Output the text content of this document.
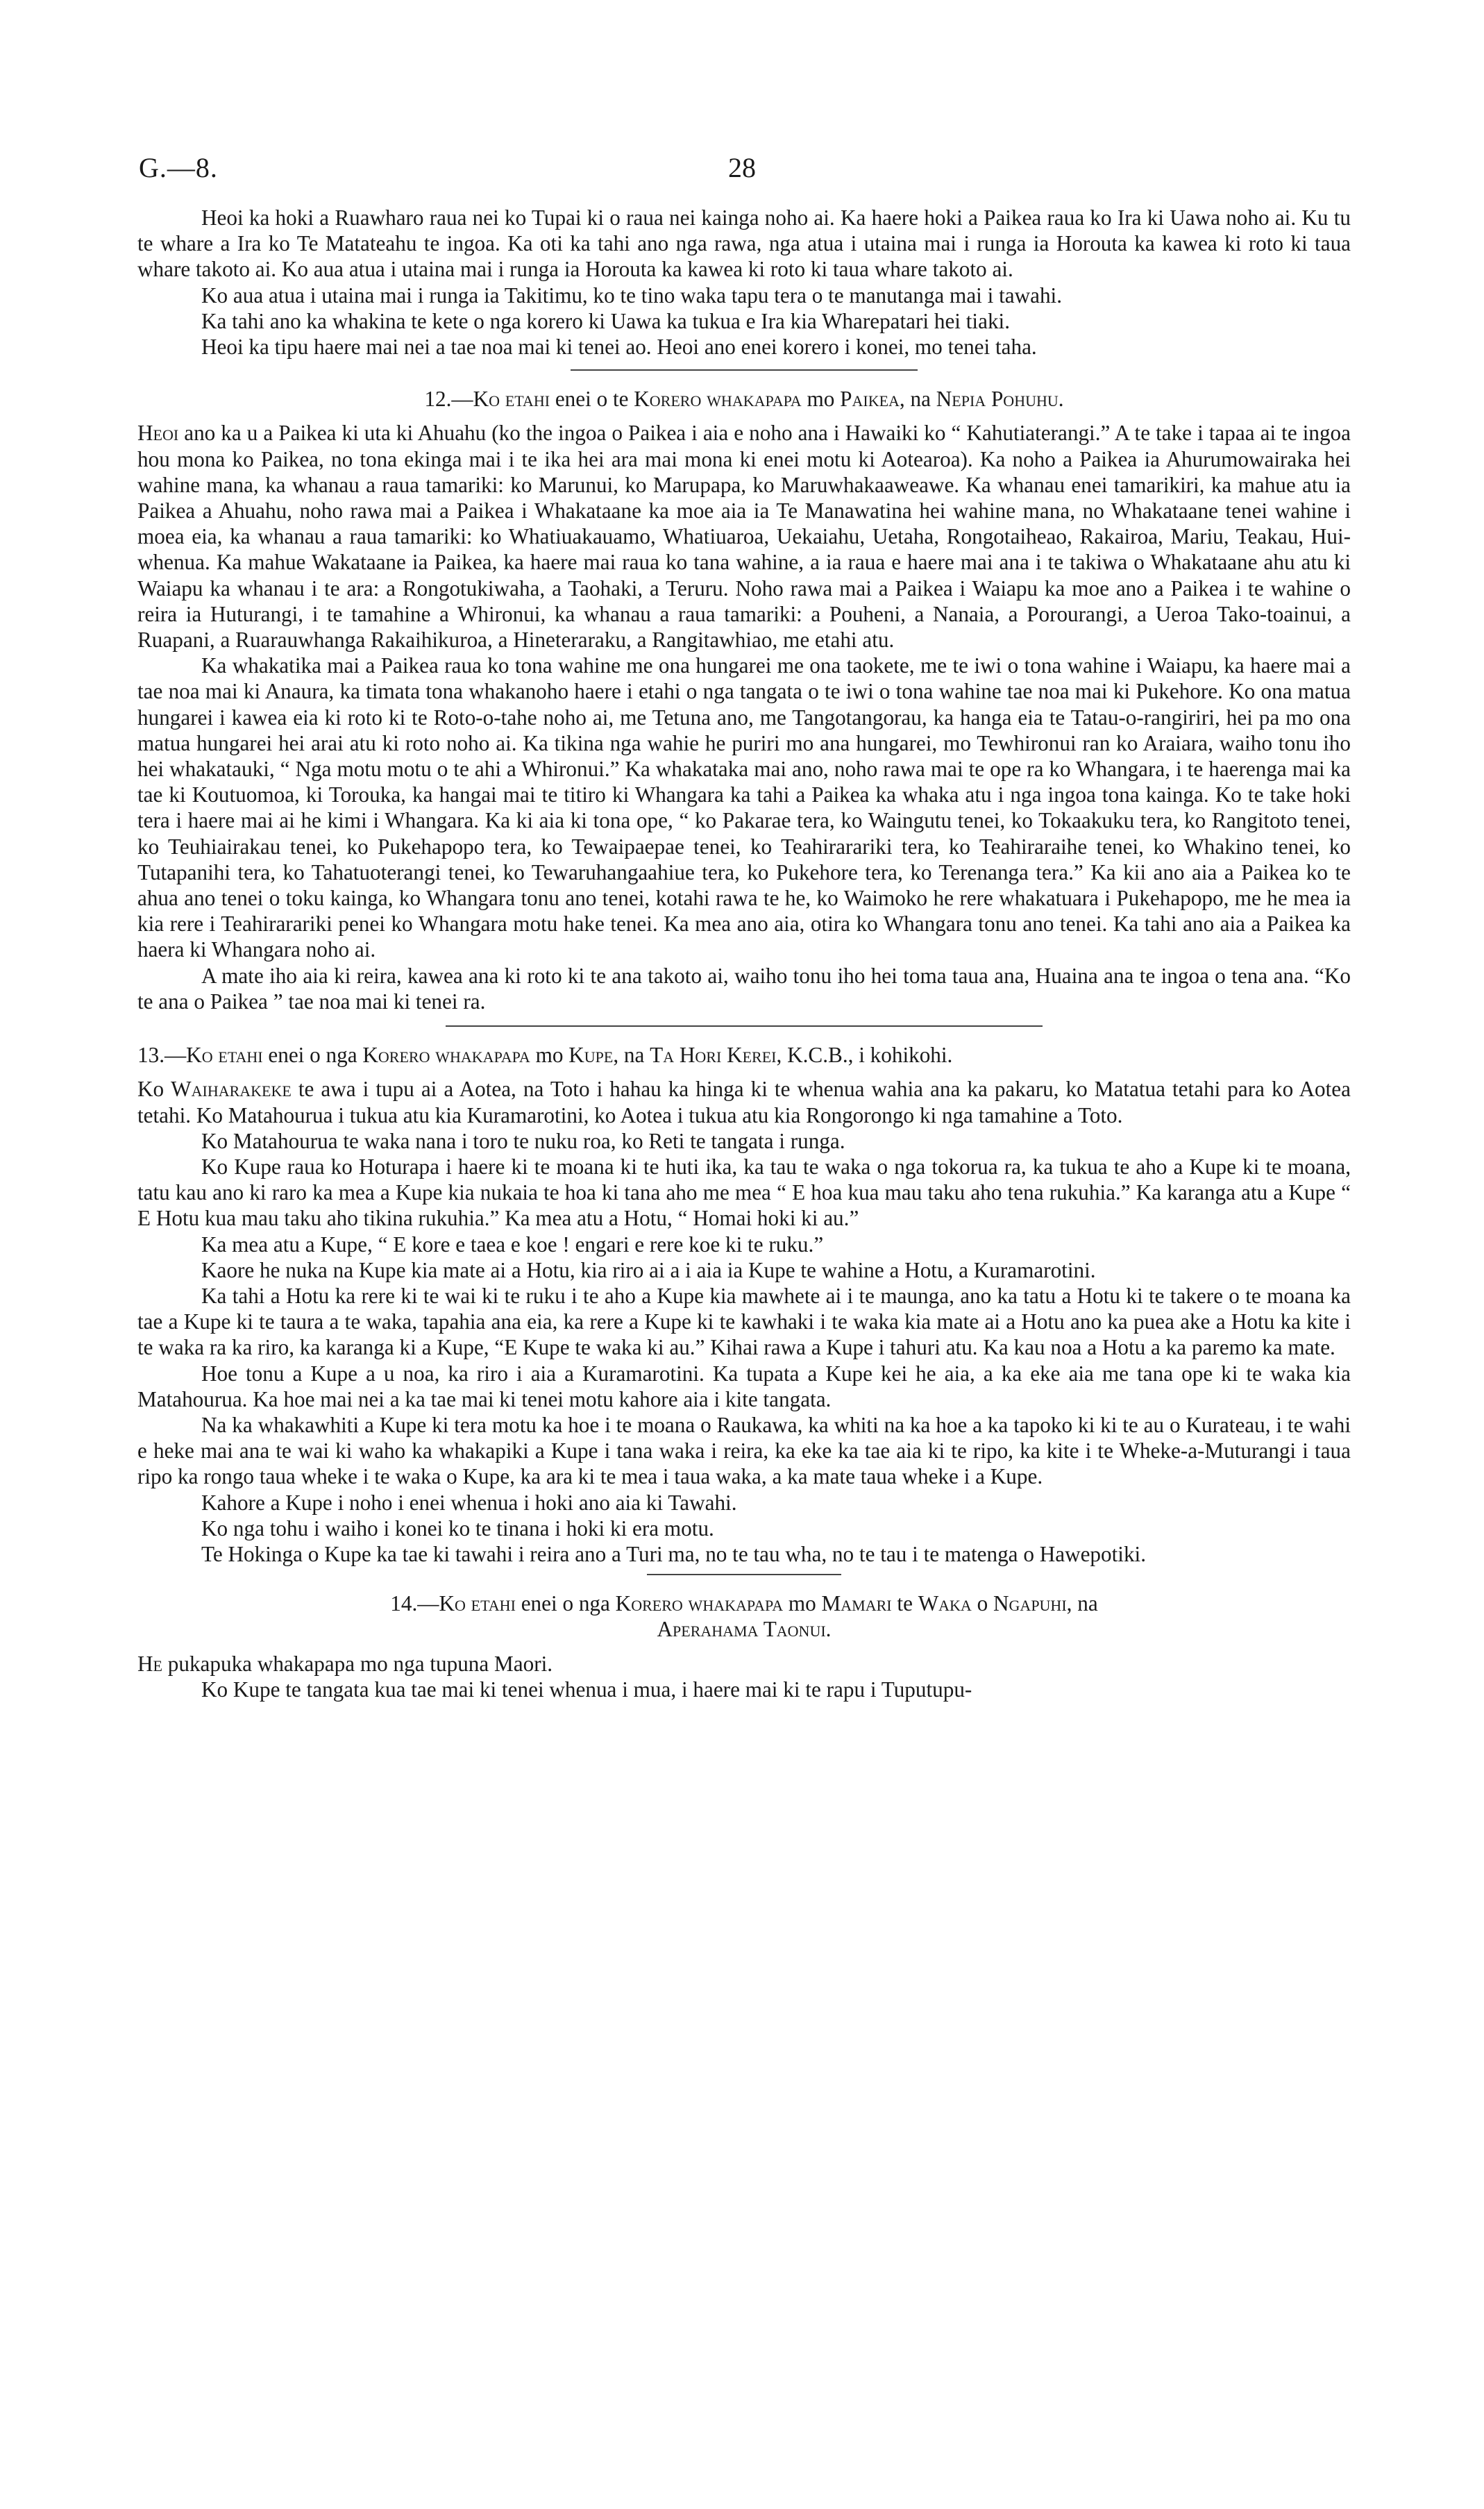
G.—8.	28

Heoi ka hoki a Ruawharo raua nei ko Tupai ki o raua nei kainga noho ai. Ka haere hoki a Paikea raua ko Ira ki Uawa noho ai. Ku tu te whare a Ira ko Te Matateahu te ingoa. Ka oti ka tahi ano nga rawa, nga atua i utaina mai i runga ia Horouta ka kawea ki roto ki taua whare takoto ai. Ko aua atua i utaina mai i runga ia Horouta ka kawea ki roto ki taua whare takoto ai.

Ko aua atua i utaina mai i runga ia Takitimu, ko te tino waka tapu tera o te manutanga mai i tawahi.

Ka tahi ano ka whakina te kete o nga korero ki Uawa ka tukua e Ira kia Wharepatari hei tiaki.

Heoi ka tipu haere mai nei a tae noa mai ki tenei ao. Heoi ano enei korero i konei, mo tenei taha.

12.—Ko etahi enei o te Korero whakapapa mo Paikea, na Nepia Pohuhu.

Heoi ano ka u a Paikea ki uta ki Ahuahu (ko the ingoa o Paikea i aia e noho ana i Hawaiki ko “ Kahutiaterangi.” A te take i tapaa ai te ingoa hou mona ko Paikea, no tona ekinga mai i te ika hei ara mai mona ki enei motu ki Aotearoa). Ka noho a Paikea ia Ahurumowairaka hei wahine mana, ka whanau a raua tamariki: ko Marunui, ko Marupapa, ko Maruwhakaaweawe. Ka whanau enei tamarikiri, ka mahue atu ia Paikea a Ahuahu, noho rawa mai a Paikea i Whakataane ka moe aia ia Te Manawatina hei wahine mana, no Whakataane tenei wahine i moea eia, ka whanau a raua tamariki: ko Whatiuakauamo, Whatiuaroa, Uekaiahu, Uetaha, Rongotaiheao, Rakairoa, Mariu, Teakau, Hui-whenua. Ka mahue Wakataane ia Paikea, ka haere mai raua ko tana wahine, a ia raua e haere mai ana i te takiwa o Whakataane ahu atu ki Waiapu ka whanau i te ara: a Rongotukiwaha, a Taohaki, a Teruru. Noho rawa mai a Paikea i Waiapu ka moe ano a Paikea i te wahine o reira ia Huturangi, i te tamahine a Whironui, ka whanau a raua tamariki: a Pouheni, a Nanaia, a Porourangi, a Ueroa Tako-toainui, a Ruapani, a Ruarauwhanga Rakaihikuroa, a Hineteraraku, a Rangitawhiao, me etahi atu.

Ka whakatika mai a Paikea raua ko tona wahine me ona hungarei me ona taokete, me te iwi o tona wahine i Waiapu, ka haere mai a tae noa mai ki Anaura, ka timata tona whakanoho haere i etahi o nga tangata o te iwi o tona wahine tae noa mai ki Pukehore. Ko ona matua hungarei i kawea eia ki roto ki te Roto-o-tahe noho ai, me Tetuna ano, me Tangotangorau, ka hanga eia te Tatau-o-rangiriri, hei pa mo ona matua hungarei hei arai atu ki roto noho ai. Ka tikina nga wahie he puriri mo ana hungarei, mo Tewhironui ran ko Araiara, waiho tonu iho hei whakatauki, “ Nga motu motu o te ahi a Whironui.” Ka whakataka mai ano, noho rawa mai te ope ra ko Whangara, i te haerenga mai ka tae ki Koutuomoa, ki Torouka, ka hangai mai te titiro ki Whangara ka tahi a Paikea ka whaka atu i nga ingoa tona kainga. Ko te take hoki tera i haere mai ai he kimi i Whangara. Ka ki aia ki tona ope, “ ko Pakarae tera, ko Waingutu tenei, ko Tokaakuku tera, ko Rangitoto tenei, ko Teuhiairakau tenei, ko Pukehapopo tera, ko Tewaipaepae tenei, ko Teahirarariki tera, ko Teahiraraihe tenei, ko Whakino tenei, ko Tutapanihi tera, ko Tahatuoterangi tenei, ko Tewaruhangaahiue tera, ko Pukehore tera, ko Terenanga tera.” Ka kii ano aia a Paikea ko te ahua ano tenei o toku kainga, ko Whangara tonu ano tenei, kotahi rawa te he, ko Waimoko he rere whakatuara i Pukehapopo, me he mea ia kia rere i Teahirarariki penei ko Whangara motu hake tenei. Ka mea ano aia, otira ko Whangara tonu ano tenei. Ka tahi ano aia a Paikea ka haera ki Whangara noho ai.

A mate iho aia ki reira, kawea ana ki roto ki te ana takoto ai, waiho tonu iho hei toma taua ana, Huaina ana te ingoa o tena ana. “Ko te ana o Paikea ” tae noa mai ki tenei ra.

13.—Ko etahi enei o nga Korero whakapapa mo Kupe, na Ta Hori Kerei, K.C.B., i kohikohi.

Ko Waiharakeke te awa i tupu ai a Aotea, na Toto i hahau ka hinga ki te whenua wahia ana ka pakaru, ko Matatua tetahi para ko Aotea tetahi. Ko Matahourua i tukua atu kia Kuramarotini, ko Aotea i tukua atu kia Rongorongo ki nga tamahine a Toto.

Ko Matahourua te waka nana i toro te nuku roa, ko Reti te tangata i runga.

Ko Kupe raua ko Hoturapa i haere ki te moana ki te huti ika, ka tau te waka o nga tokorua ra, ka tukua te aho a Kupe ki te moana, tatu kau ano ki raro ka mea a Kupe kia nukaia te hoa ki tana aho me mea “ E hoa kua mau taku aho tena rukuhia.” Ka karanga atu a Kupe “ E Hotu kua mau taku aho tikina rukuhia.” Ka mea atu a Hotu, “ Homai hoki ki au.”

Ka mea atu a Kupe, “ E kore e taea e koe ! engari e rere koe ki te ruku.”

Kaore he nuka na Kupe kia mate ai a Hotu, kia riro ai a i aia ia Kupe te wahine a Hotu, a Kuramarotini.

Ka tahi a Hotu ka rere ki te wai ki te ruku i te aho a Kupe kia mawhete ai i te maunga, ano ka tatu a Hotu ki te takere o te moana ka tae a Kupe ki te taura a te waka, tapahia ana eia, ka rere a Kupe ki te kawhaki i te waka kia mate ai a Hotu ano ka puea ake a Hotu ka kite i te waka ra ka riro, ka karanga ki a Kupe, “E Kupe te waka ki au.” Kihai rawa a Kupe i tahuri atu. Ka kau noa a Hotu a ka paremo ka mate.

Hoe tonu a Kupe a u noa, ka riro i aia a Kuramarotini. Ka tupata a Kupe kei he aia, a ka eke aia me tana ope ki te waka kia Matahourua. Ka hoe mai nei a ka tae mai ki tenei motu kahore aia i kite tangata.

Na ka whakawhiti a Kupe ki tera motu ka hoe i te moana o Raukawa, ka whiti na ka hoe a ka tapoko ki ki te au o Kurateau, i te wahi e heke mai ana te wai ki waho ka whakapiki a Kupe i tana waka i reira, ka eke ka tae aia ki te ripo, ka kite i te Wheke-a-Muturangi i taua ripo ka rongo taua wheke i te waka o Kupe, ka ara ki te mea i taua waka, a ka mate taua wheke i a Kupe.

Kahore a Kupe i noho i enei whenua i hoki ano aia ki Tawahi.

Ko nga tohu i waiho i konei ko te tinana i hoki ki era motu.

Te Hokinga o Kupe ka tae ki tawahi i reira ano a Turi ma, no te tau wha, no te tau i te matenga o Hawepotiki.

14.—Ko etahi enei o nga Korero whakapapa mo Mamari te Waka o Ngapuhi, na
Aperahama Taonui.

He pukapuka whakapapa mo nga tupuna Maori.

Ko Kupe te tangata kua tae mai ki tenei whenua i mua, i haere mai ki te rapu i Tuputupu-
